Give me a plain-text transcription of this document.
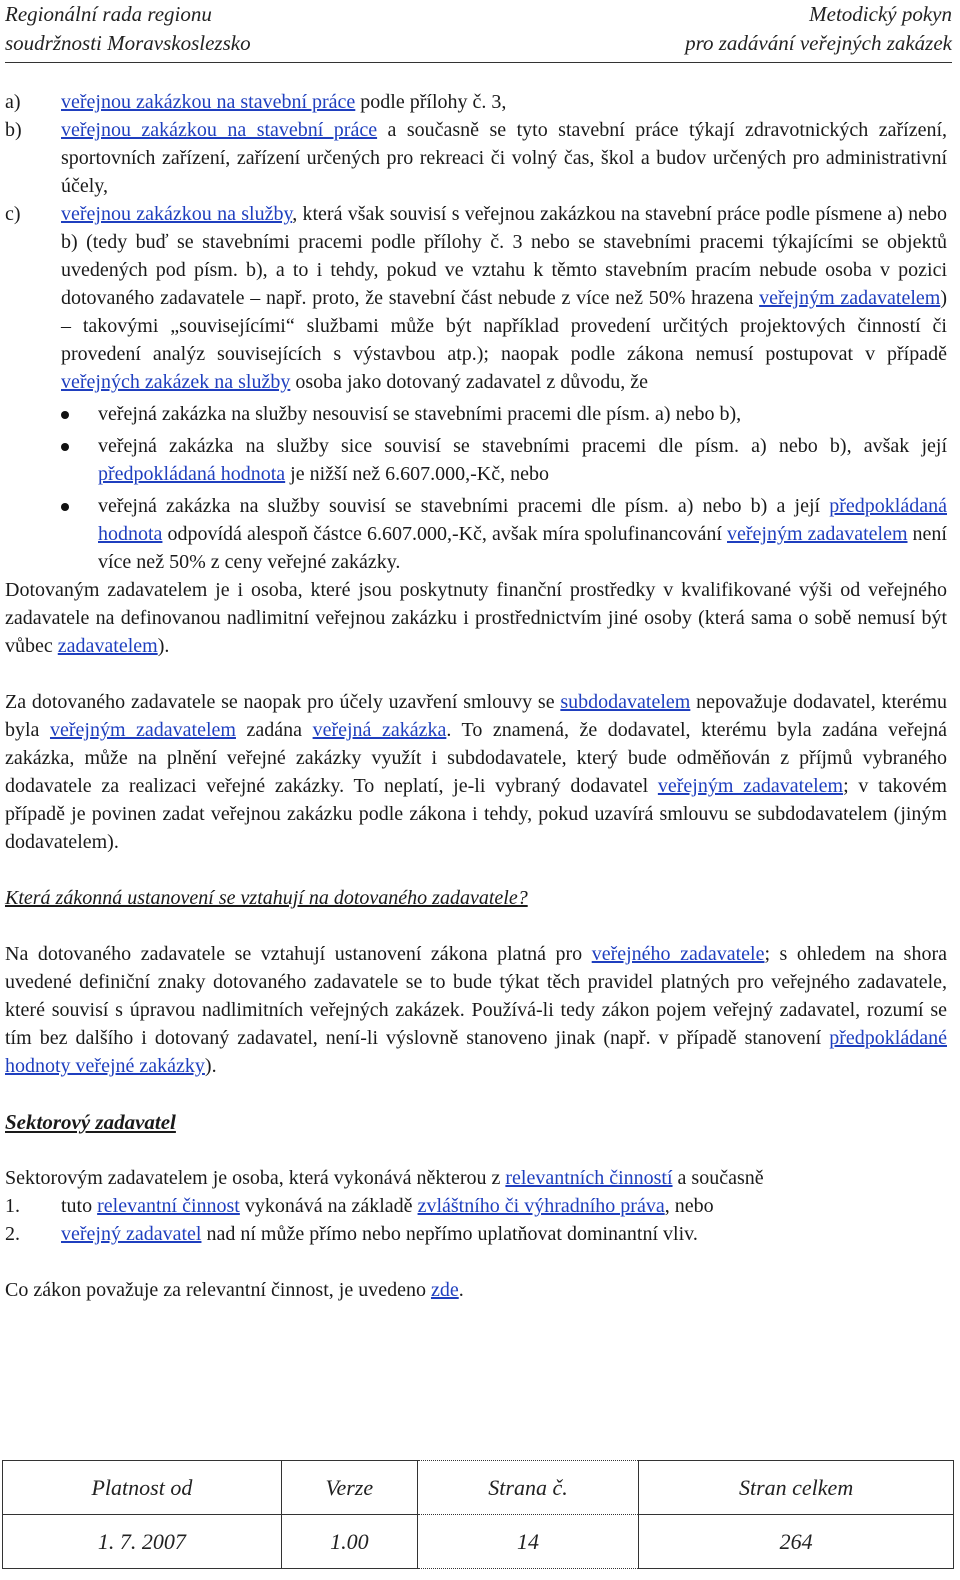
Regionální rada regionu
soudržnosti Moravskoslezsko
Metodický pokyn
pro zadávání veřejných zakázek
a) veřejnou zakázkou na stavební práce podle přílohy č. 3,
b) veřejnou zakázkou na stavební práce a současně se tyto stavební práce týkají zdravotnických zařízení, sportovních zařízení, zařízení určených pro rekreaci či volný čas, škol a budov určených pro administrativní účely,
c) veřejnou zakázkou na služby, která však souvisí s veřejnou zakázkou na stavební práce podle písmene a) nebo b) (tedy buď se stavebními pracemi podle přílohy č. 3 nebo se stavebními pracemi týkajícími se objektů uvedených pod písm. b), a to i tehdy, pokud ve vztahu k těmto stavebním pracím nebude osoba v pozici dotovaného zadavatele – např. proto, že stavební část nebude z více než 50% hrazena veřejným zadavatelem) – takovými „souvisejícími“ službami může být například provedení určitých projektových činností či provedení analýz souvisejících s výstavbou atp.); naopak podle zákona nemusí postupovat v případě veřejných zakázek na služby osoba jako dotovaný zadavatel z důvodu, že
veřejná zakázka na služby nesouvisí se stavebními pracemi dle písm. a) nebo b),
veřejná zakázka na služby sice souvisí se stavebními pracemi dle písm. a) nebo b), avšak její předpokládaná hodnota je nižší než 6.607.000,-Kč, nebo
veřejná zakázka na služby souvisí se stavebními pracemi dle písm. a) nebo b) a její předpokládaná hodnota odpovídá alespoň částce 6.607.000,-Kč, avšak míra spolufinancování veřejným zadavatelem není více než 50% z ceny veřejné zakázky.

Dotovaným zadavatelem je i osoba, které jsou poskytnuty finanční prostředky v kvalifikované výši od veřejného zadavatele na definovanou nadlimitní veřejnou zakázku i prostřednictvím jiné osoby (která sama o sobě nemusí být vůbec zadavatelem).

Za dotovaného zadavatele se naopak pro účely uzavření smlouvy se subdodavatelem nepovažuje dodavatel, kterému byla veřejným zadavatelem zadána veřejná zakázka. To znamená, že dodavatel, kterému byla zadána veřejná zakázka, může na plnění veřejné zakázky využít i subdodavatele, který bude odměňován z příjmů vybraného dodavatele za realizaci veřejné zakázky. To neplatí, je-li vybraný dodavatel veřejným zadavatelem; v takovém případě je povinen zadat veřejnou zakázku podle zákona i tehdy, pokud uzavírá smlouvu se subdodavatelem (jiným dodavatelem).

Která zákonná ustanovení se vztahují na dotovaného zadavatele?

Na dotovaného zadavatele se vztahují ustanovení zákona platná pro veřejného zadavatele; s ohledem na shora uvedené definiční znaky dotovaného zadavatele se to bude týkat těch pravidel platných pro veřejného zadavatele, které souvisí s úpravou nadlimitních veřejných zakázek. Používá-li tedy zákon pojem veřejný zadavatel, rozumí se tím bez dalšího i dotovaný zadavatel, není-li výslovně stanoveno jinak (např. v případě stanovení předpokládané hodnoty veřejné zakázky).

Sektorový zadavatel

Sektorovým zadavatelem je osoba, která vykonává některou z relevantních činností a současně

1. tuto relevantní činnost vykonává na základě zvláštního či výhradního práva, nebo
2. veřejný zadavatel nad ní může přímo nebo nepřímo uplatňovat dominantní vliv.

Co zákon považuje za relevantní činnost, je uvedeno zde.

Platnost od	Verze	Strana č.	Stran celkem
1. 7. 2007	1.00	14	264
